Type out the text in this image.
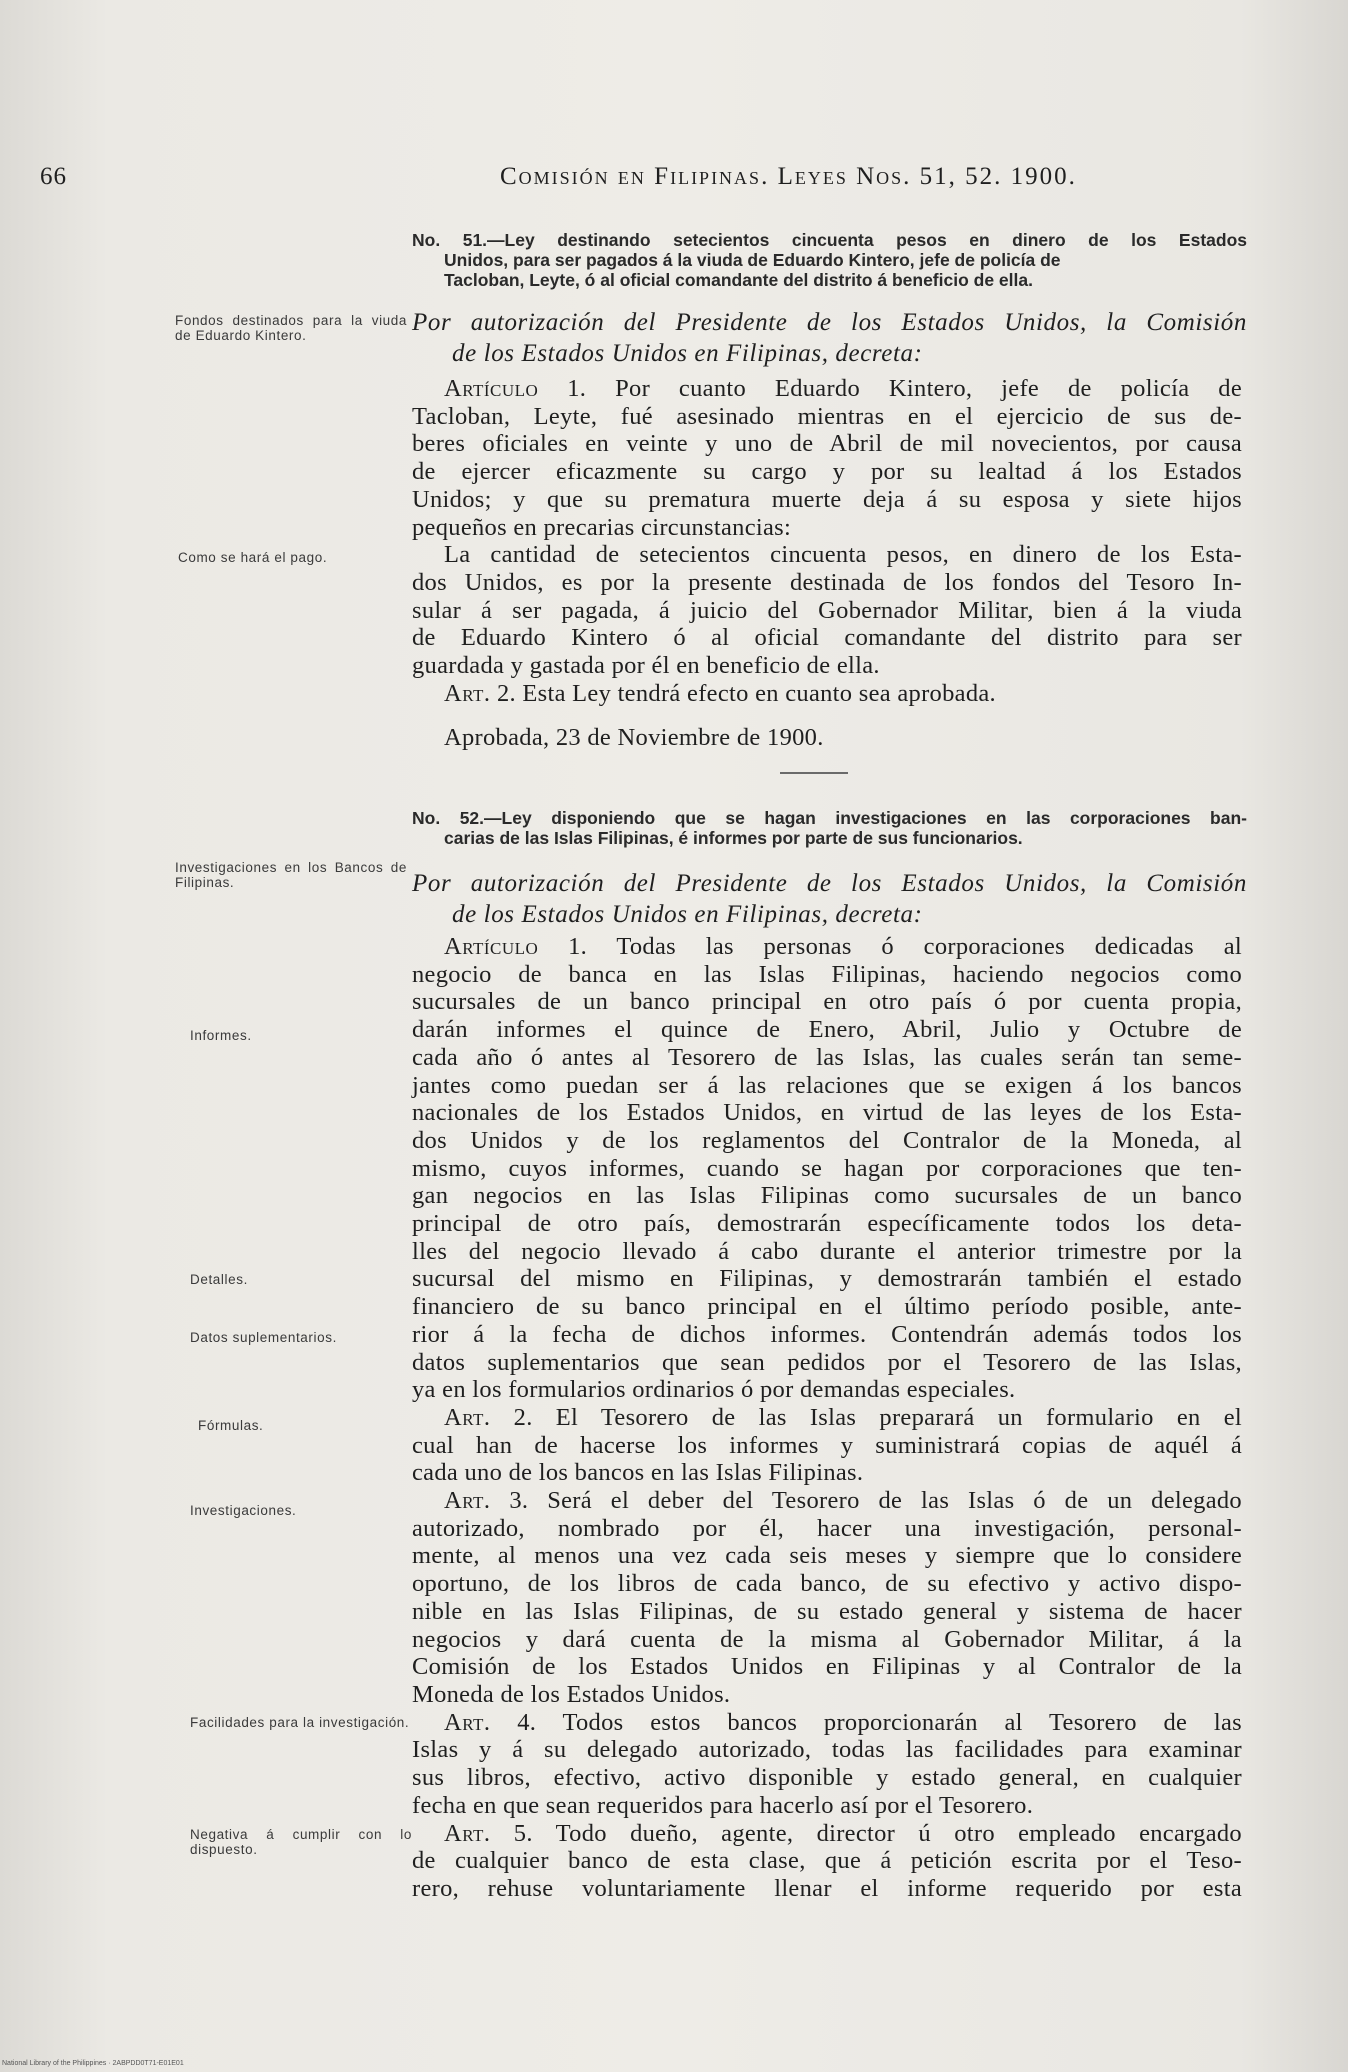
66	Comisión en Filipinas. Leyes Nos. 51, 52. 1900.
No. 51.—Ley destinando setecientos cincuenta pesos en dinero de los Estados
Unidos, para ser pagados á la viuda de Eduardo Kintero, jefe de policía de
Tacloban, Leyte, ó al oficial comandante del distrito á beneficio de ella.
Fondos destinados para la viuda de Eduardo Kintero.	Por autorización del Presidente de los Estados Unidos, la Comisión
de los Estados Unidos en Filipinas, decreta:
Artículo 1. Por cuanto Eduardo Kintero, jefe de policía de
Tacloban, Leyte, fué asesinado mientras en el ejercicio de sus de-
beres oficiales en veinte y uno de Abril de mil novecientos, por causa
de ejercer eficazmente su cargo y por su lealtad á los Estados
Unidos; y que su prematura muerte deja á su esposa y siete hijos
pequeños en precarias circunstancias:
La cantidad de setecientos cincuenta pesos, en dinero de los Esta-
dos Unidos, es por la presente destinada de los fondos del Tesoro In-
sular á ser pagada, á juicio del Gobernador Militar, bien á la viuda
de Eduardo Kintero ó al oficial comandante del distrito para ser
guardada y gastada por él en beneficio de ella.
Art. 2. Esta Ley tendrá efecto en cuanto sea aprobada.
Como se hará el pago.
Aprobada, 23 de Noviembre de 1900.
No. 52.—Ley disponiendo que se hagan investigaciones en las corporaciones ban-
carias de las Islas Filipinas, é informes por parte de sus funcionarios.
Investigaciones en los Bancos de Filipinas.	Por autorización del Presidente de los Estados Unidos, la Comisión
de los Estados Unidos en Filipinas, decreta:
Artículo 1. Todas las personas ó corporaciones dedicadas al
negocio de banca en las Islas Filipinas, haciendo negocios como
sucursales de un banco principal en otro país ó por cuenta propia,
darán informes el quince de Enero, Abril, Julio y Octubre de
cada año ó antes al Tesorero de las Islas, las cuales serán tan seme-
jantes como puedan ser á las relaciones que se exigen á los bancos
nacionales de los Estados Unidos, en virtud de las leyes de los Esta-
dos Unidos y de los reglamentos del Contralor de la Moneda, al
mismo, cuyos informes, cuando se hagan por corporaciones que ten-
gan negocios en las Islas Filipinas como sucursales de un banco
principal de otro país, demostrarán específicamente todos los deta-
lles del negocio llevado á cabo durante el anterior trimestre por la
sucursal del mismo en Filipinas, y demostrarán también el estado
financiero de su banco principal en el último período posible, ante-
rior á la fecha de dichos informes. Contendrán además todos los
datos suplementarios que sean pedidos por el Tesorero de las Islas,
ya en los formularios ordinarios ó por demandas especiales.
Art. 2. El Tesorero de las Islas preparará un formulario en el
cual han de hacerse los informes y suministrará copias de aquél á
cada uno de los bancos en las Islas Filipinas.
Art. 3. Será el deber del Tesorero de las Islas ó de un delegado
autorizado, nombrado por él, hacer una investigación, personal-
mente, al menos una vez cada seis meses y siempre que lo considere
oportuno, de los libros de cada banco, de su efectivo y activo dispo-
nible en las Islas Filipinas, de su estado general y sistema de hacer
negocios y dará cuenta de la misma al Gobernador Militar, á la
Comisión de los Estados Unidos en Filipinas y al Contralor de la
Moneda de los Estados Unidos.
Art. 4. Todos estos bancos proporcionarán al Tesorero de las
Islas y á su delegado autorizado, todas las facilidades para examinar
sus libros, efectivo, activo disponible y estado general, en cualquier
fecha en que sean requeridos para hacerlo así por el Tesorero.
Art. 5. Todo dueño, agente, director ú otro empleado encargado
de cualquier banco de esta clase, que á petición escrita por el Teso-
rero, rehuse voluntariamente llenar el informe requerido por esta
Informes.
Detalles.
Datos suplementarios.
Fórmulas.
Investigaciones.
Facilidades para la investigación.
Negativa á cumplir con lo dispuesto.
National Library of the Philippines · 2ABPDD0T71-E01E01
